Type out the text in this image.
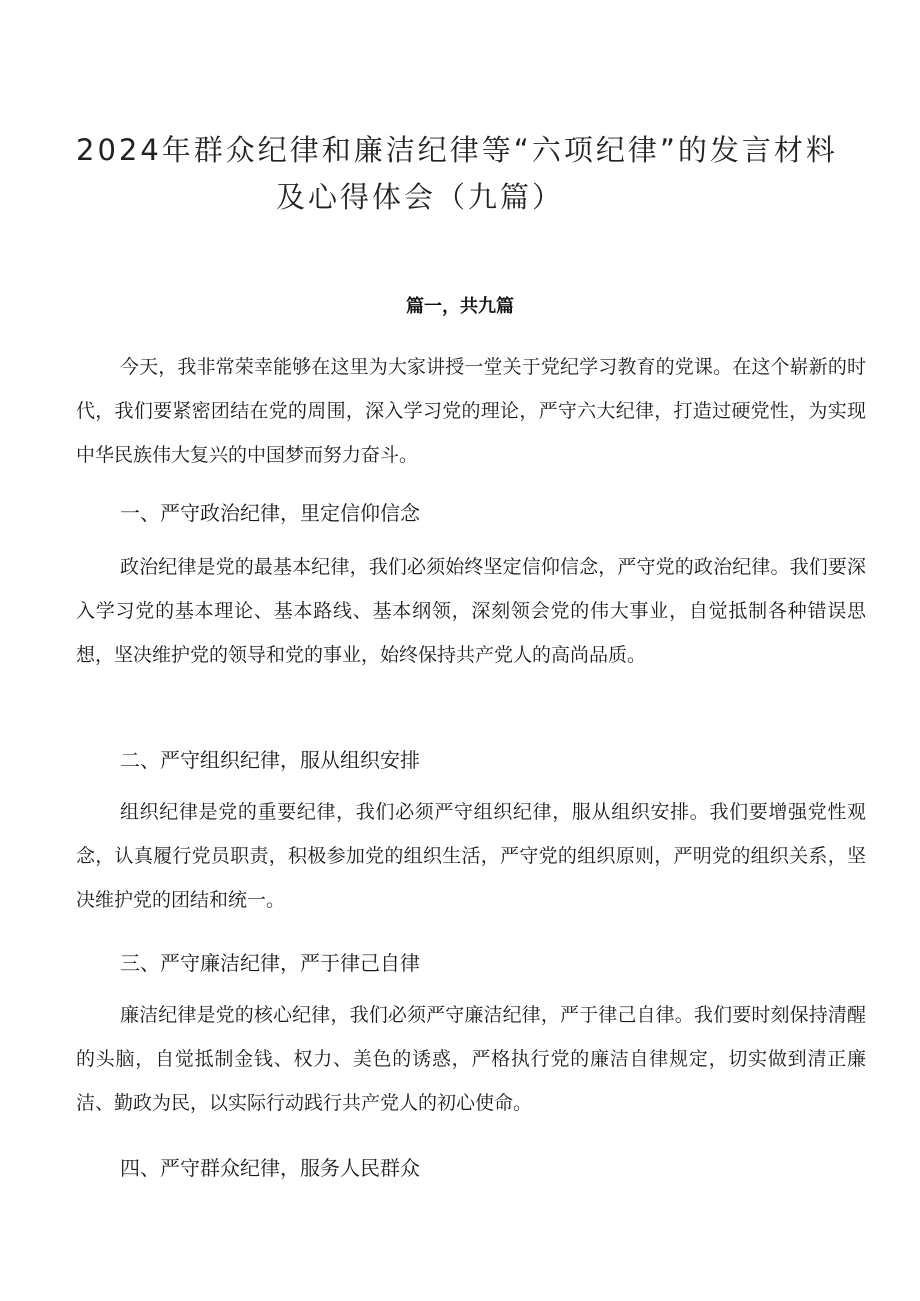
2024年群众纪律和廉洁纪律等“六项纪律”的发言材料
及心得体会（九篇）
篇一，共九篇
今天，我非常荣幸能够在这里为大家讲授一堂关于党纪学习教育的党课。在这个崭新的时代，我们要紧密团结在党的周围，深入学习党的理论，严守六大纪律，打造过硬党性，为实现中华民族伟大复兴的中国梦而努力奋斗。
一、严守政治纪律，里定信仰信念
政治纪律是党的最基本纪律，我们必须始终坚定信仰信念，严守党的政治纪律。我们要深入学习党的基本理论、基本路线、基本纲领，深刻领会党的伟大事业，自觉抵制各种错误思想，坚决维护党的领导和党的事业，始终保持共产党人的高尚品质。
二、严守组织纪律，服从组织安排
组织纪律是党的重要纪律，我们必须严守组织纪律，服从组织安排。我们要增强党性观念，认真履行党员职责，积极参加党的组织生活，严守党的组织原则，严明党的组织关系，坚决维护党的团结和统一。
三、严守廉洁纪律，严于律己自律
廉洁纪律是党的核心纪律，我们必须严守廉洁纪律，严于律己自律。我们要时刻保持清醒的头脑，自觉抵制金钱、权力、美色的诱惑，严格执行党的廉洁自律规定，切实做到清正廉洁、勤政为民，以实际行动践行共产党人的初心使命。
四、严守群众纪律，服务人民群众
